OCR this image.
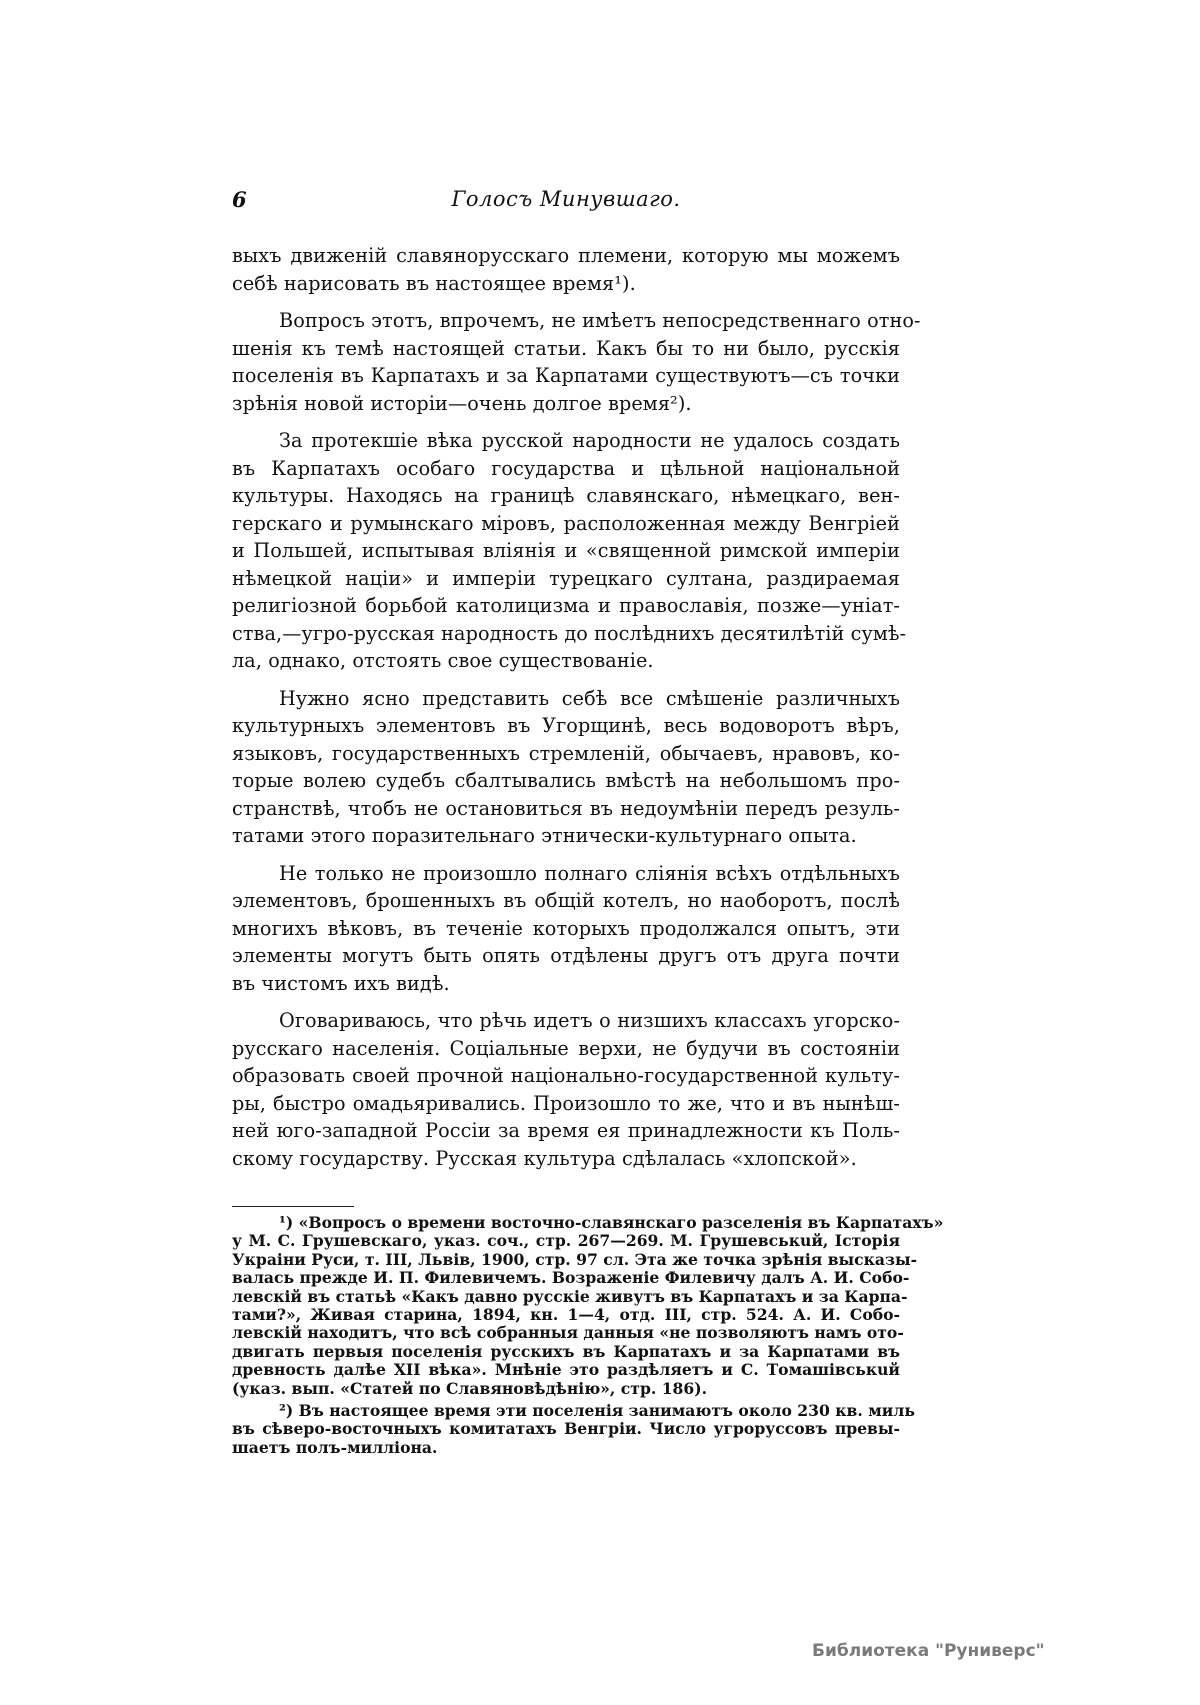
6	Голосъ Минувшаго.
выхъ движеній славянорусскаго племени, которую мы можемъ
себѣ нарисовать въ настоящее время¹).
Вопросъ этотъ, впрочемъ, не имѣетъ непосредственнаго отно-
шенія къ темѣ настоящей статьи. Какъ бы то ни было, русскія
поселенія въ Карпатахъ и за Карпатами существуютъ—съ точки
зрѣнія новой исторіи—очень долгое время²).
За протекшіе вѣка русской народности не удалось создать
въ Карпатахъ особаго государства и цѣльной національной
культуры. Находясь на границѣ славянскаго, нѣмецкаго, вен-
герскаго и румынскаго міровъ, расположенная между Венгріей
и Польшей, испытывая вліянія и «священной римской имперіи
нѣмецкой націи» и имперіи турецкаго султана, раздираемая
религіозной борьбой католицизма и православія, позже—уніат-
ства,—угро-русская народность до послѣднихъ десятилѣтій сумѣ-
ла, однако, отстоять свое существованіе.
Нужно ясно представить себѣ все смѣшеніе различныхъ
культурныхъ элементовъ въ Угорщинѣ, весь водоворотъ вѣръ,
языковъ, государственныхъ стремленій, обычаевъ, нравовъ, ко-
торые волею судебъ сбалтывались вмѣстѣ на небольшомъ про-
странствѣ, чтобъ не остановиться въ недоумѣніи передъ резуль-
татами этого поразительнаго этнически-культурнаго опыта.
Не только не произошло полнаго слiянія всѣхъ отдѣльныхъ
элементовъ, брошенныхъ въ общій котелъ, но наоборотъ, послѣ
многихъ вѣковъ, въ теченіе которыхъ продолжался опытъ, эти
элементы могутъ быть опять отдѣлены другъ отъ друга почти
въ чистомъ ихъ видѣ.
Оговариваюсь, что рѣчь идетъ о низшихъ классахъ угорско-
русскаго населенія. Соціальные верхи, не будучи въ состояніи
образовать своей прочной національно-государственной культу-
ры, быстро омадьяривались. Произошло то же, что и въ нынѣш-
ней юго-западной Россіи за время ея принадлежности къ Поль-
скому государству. Русская культура сдѣлалась «хлопской».
¹) «Вопросъ о времени восточно-славянскаго разселенія въ Карпатахъ»
у М. С. Грушевскаго, указ. соч., стр. 267—269. М. Грушевськuй, Історія
Украіни Руси, т. III, Львів, 1900, стр. 97 сл. Эта же точка зрѣнія высказы-
валась прежде И. П. Филевичемъ. Возраженіе Филевичу далъ А. И. Собо-
левскій въ статьѣ «Какъ давно русскіе живутъ въ Карпатахъ и за Карпа-
тами?», Живая старина, 1894, кн. 1—4, отд. III, стр. 524. А. И. Собо-
левскій находитъ, что всѣ собранныя данныя «не позволяютъ намъ ото-
двигать первыя поселенія русскихъ въ Карпатахъ и за Карпатами въ
древность далѣе XII вѣка». Мнѣніе это раздѣляетъ и С. Томашівськuй
(указ. вып. «Статей по Славяновѣдѣнію», стр. 186).
²) Въ настоящее время эти поселенія занимаютъ около 230 кв. миль
въ сѣверо-восточныхъ комитатахъ Венгріи. Число угроруссовъ превы-
шаетъ полъ-милліона.
Библиотека "Руниверс"
